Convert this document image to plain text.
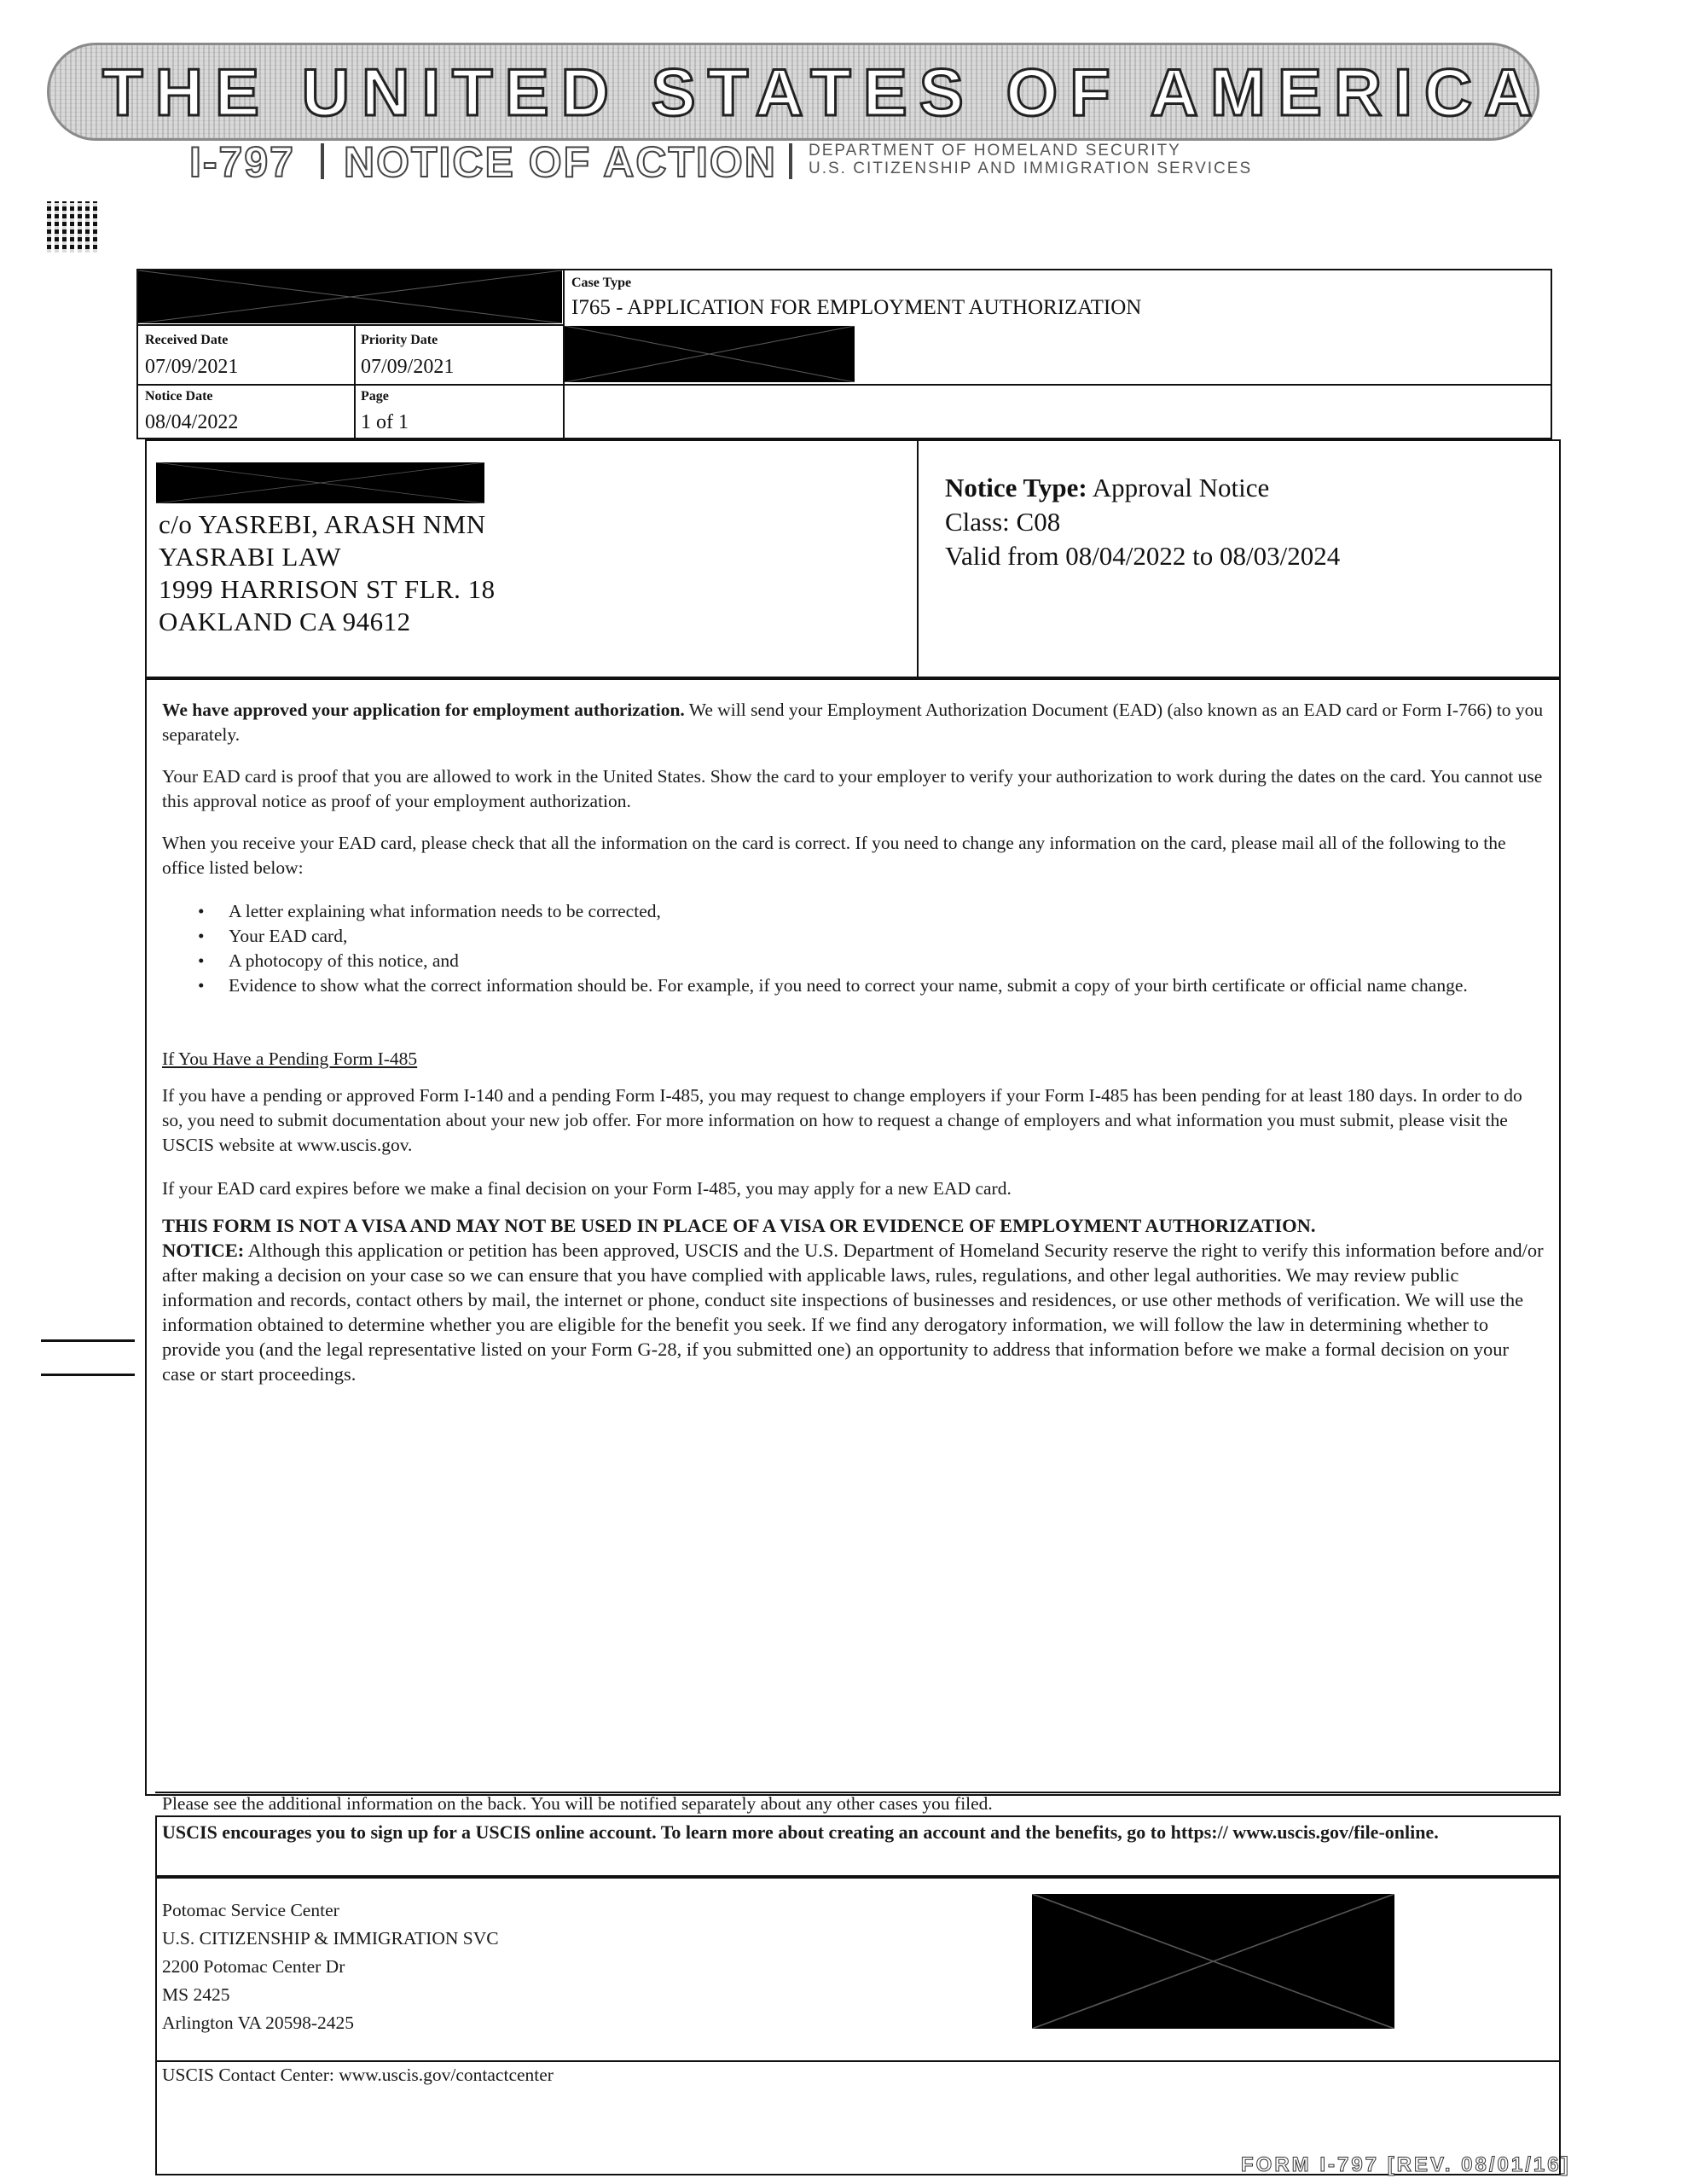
THE UNITED STATES OF AMERICA
I-797 NOTICE OF ACTION DEPARTMENT OF HOMELAND SECURITY
U.S. CITIZENSHIP AND IMMIGRATION SERVICES
Case Type
I765 - APPLICATION FOR EMPLOYMENT AUTHORIZATION
Received Date
07/09/2021
Priority Date
07/09/2021
Notice Date
08/04/2022
Page
1 of 1
c/o YASREBI, ARASH NMN
YASRABI LAW
1999 HARRISON ST FLR. 18
OAKLAND CA 94612
Notice Type: Approval Notice
Class: C08
Valid from 08/04/2022 to 08/03/2024

We have approved your application for employment authorization. We will send your Employment Authorization Document (EAD) (also known as an EAD card or Form I-766) to you separately.

Your EAD card is proof that you are allowed to work in the United States. Show the card to your employer to verify your authorization to work during the dates on the card. You cannot use this approval notice as proof of your employment authorization.
When you receive your EAD card, please check that all the information on the card is correct. If you need to change any information on the card, please mail all of the following to the office listed below:
• A letter explaining what information needs to be corrected,
• Your EAD card,
• A photocopy of this notice, and
• Evidence to show what the correct information should be. For example, if you need to correct your name, submit a copy of your birth certificate or official name change.
If You Have a Pending Form I-485
If you have a pending or approved Form I-140 and a pending Form I-485, you may request to change employers if your Form I-485 has been pending for at least 180 days. In order to do so, you need to submit documentation about your new job offer. For more information on how to request a change of employers and what information you must submit, please visit the USCIS website at www.uscis.gov.
If your EAD card expires before we make a final decision on your Form I-485, you may apply for a new EAD card.

THIS FORM IS NOT A VISA AND MAY NOT BE USED IN PLACE OF A VISA OR EVIDENCE OF EMPLOYMENT AUTHORIZATION.

NOTICE: Although this application or petition has been approved, USCIS and the U.S. Department of Homeland Security reserve the right to verify this information before and/or after making a decision on your case so we can ensure that you have complied with applicable laws, rules, regulations, and other legal authorities. We may review public information and records, contact others by mail, the internet or phone, conduct site inspections of businesses and residences, or use other methods of verification. We will use the information obtained to determine whether you are eligible for the benefit you seek. If we find any derogatory information, we will follow the law in determining whether to provide you (and the legal representative listed on your Form G-28, if you submitted one) an opportunity to address that information before we make a formal decision on your case or start proceedings.

Please see the additional information on the back. You will be notified separately about any other cases you filed.
USCIS encourages you to sign up for a USCIS online account. To learn more about creating an account and the benefits, go to https:// www.uscis.gov/file-online.
Potomac Service Center
U.S. CITIZENSHIP & IMMIGRATION SVC
2200 Potomac Center Dr
MS 2425
Arlington VA 20598-2425
USCIS Contact Center: www.uscis.gov/contactcenter
FORM I-797 [REV. 08/01/16]
